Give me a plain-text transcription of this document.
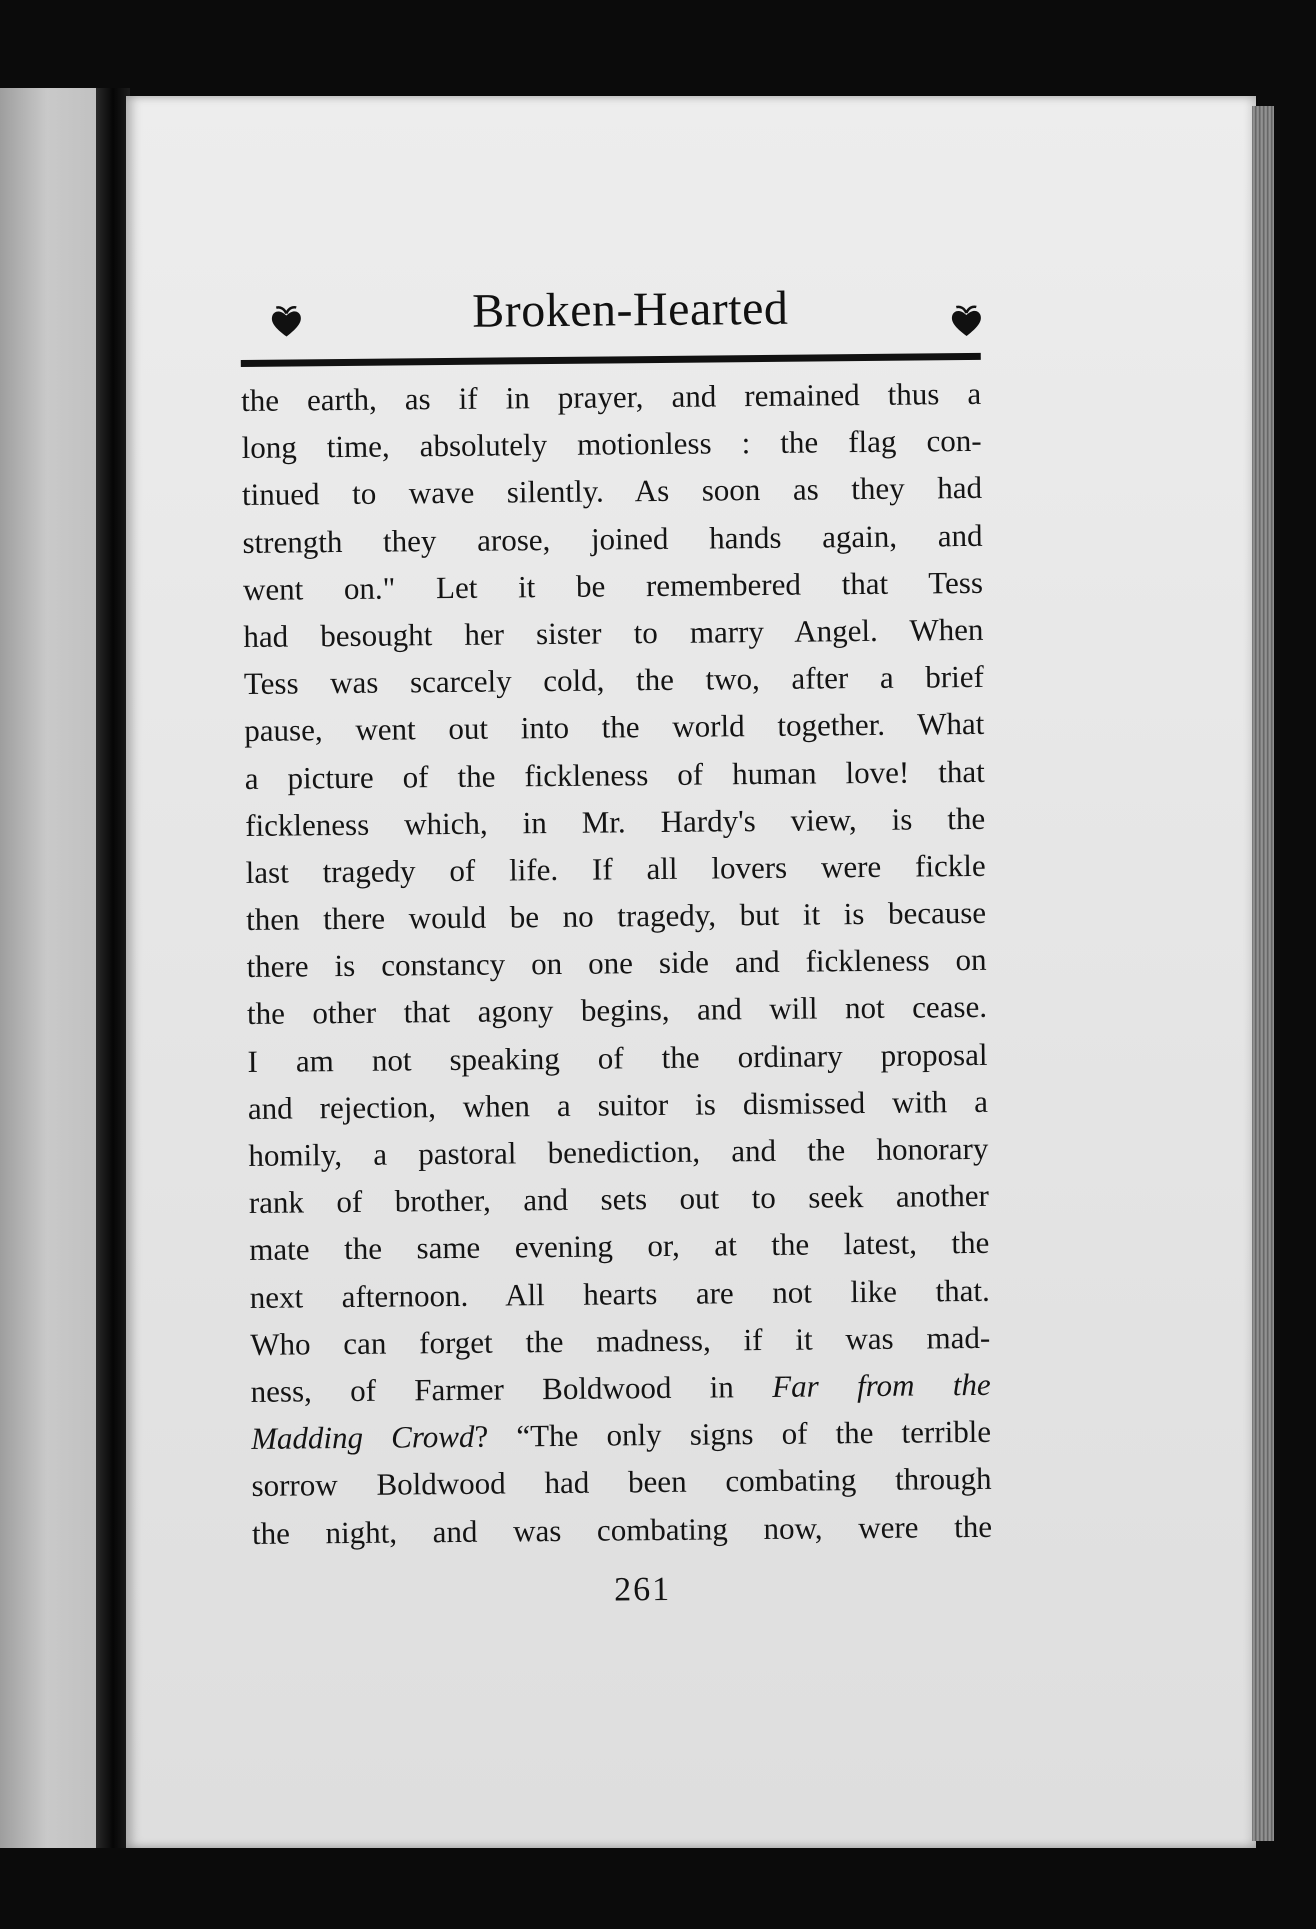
Broken-Hearted
the earth, as if in prayer, and remained thus a
long time, absolutely motionless : the flag con-
tinued to wave silently. As soon as they had
strength they arose, joined hands again, and
went on." Let it be remembered that Tess
had besought her sister to marry Angel. When
Tess was scarcely cold, the two, after a brief
pause, went out into the world together. What
a picture of the fickleness of human love! that
fickleness which, in Mr. Hardy's view, is the
last tragedy of life. If all lovers were fickle
then there would be no tragedy, but it is because
there is constancy on one side and fickleness on
the other that agony begins, and will not cease.
I am not speaking of the ordinary proposal
and rejection, when a suitor is dismissed with a
homily, a pastoral benediction, and the honorary
rank of brother, and sets out to seek another
mate the same evening or, at the latest, the
next afternoon. All hearts are not like that.
Who can forget the madness, if it was mad-
ness, of Farmer Boldwood in Far from the
Madding Crowd? “The only signs of the terrible
sorrow Boldwood had been combating through
the night, and was combating now, were the
261
